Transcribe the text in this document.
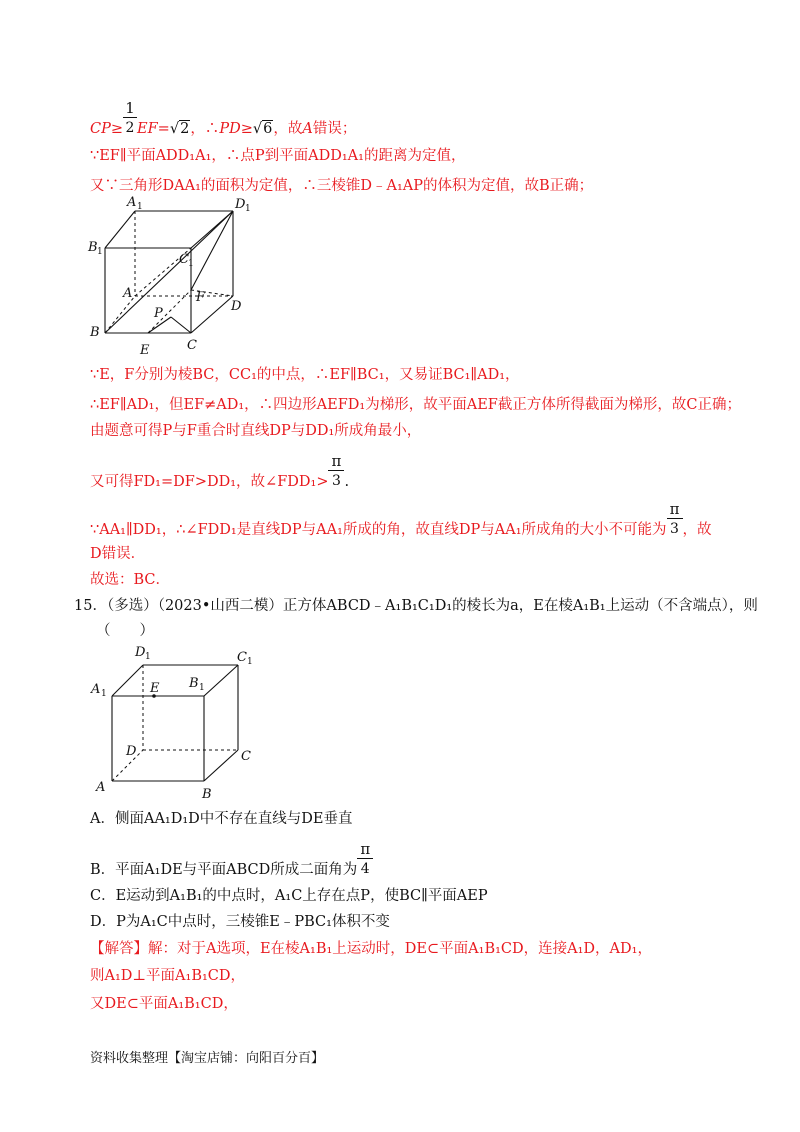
$CP\ge \frac{1}{2} EF=√2$，∴PD≥√6，故A错误；
∵EF∥平面ADD₁A₁，∴点P到平面ADD₁A₁的距离为定值，
又∵三角形DAA₁的面积为定值，∴三棱锥D﹣A₁AP的体积为定值，故B正确；
A 1	D 1
B 1	C 1
A	F
D
B
P
E	C
∵E，F分别为棱BC，CC₁的中点，∴EF∥BC₁，又易证BC₁∥AD₁，
∴EF∥AD₁，但EF≠AD₁，∴四边形AEFD₁为梯形，故平面AEF截正方体所得截面为梯形，故C正确；
由题意可得P与F重合时直线DP与DD₁所成角最小，
又可得FD₁=DF>DD₁，故∠FDD₁> $\frac{\pi}{3}$ .
∵AA₁∥DD₁，∴∠FDD₁是直线DP与AA₁所成的角，故直线DP与AA₁所成角的大小不可能为 $\frac{\pi}{3}$ ，故
D错误．
故选：BC．
15．（多选）（2023•山西二模）正方体ABCD﹣A₁B₁C₁D₁的棱长为a，E在棱A₁B₁上运动（不含端点），则
（　　）
D 1	C 1
A 1	E B 1
D	C
A	B
A．侧面AA₁D₁D中不存在直线与DE垂直
B．平面A₁DE与平面ABCD所成二面角为 $\frac{\pi}{4}$
C．E运动到A₁B₁的中点时，A₁C上存在点P，使BC∥平面AEP
D．P为A₁C中点时，三棱锥E﹣PBC₁体积不变
【解答】解：对于A选项，E在棱A₁B₁上运动时，DE⊂平面A₁B₁CD，连接A₁D，AD₁，
则A₁D⊥平面A₁B₁CD，
又DE⊂平面A₁B₁CD，
资料收集整理【淘宝店铺：向阳百分百】
